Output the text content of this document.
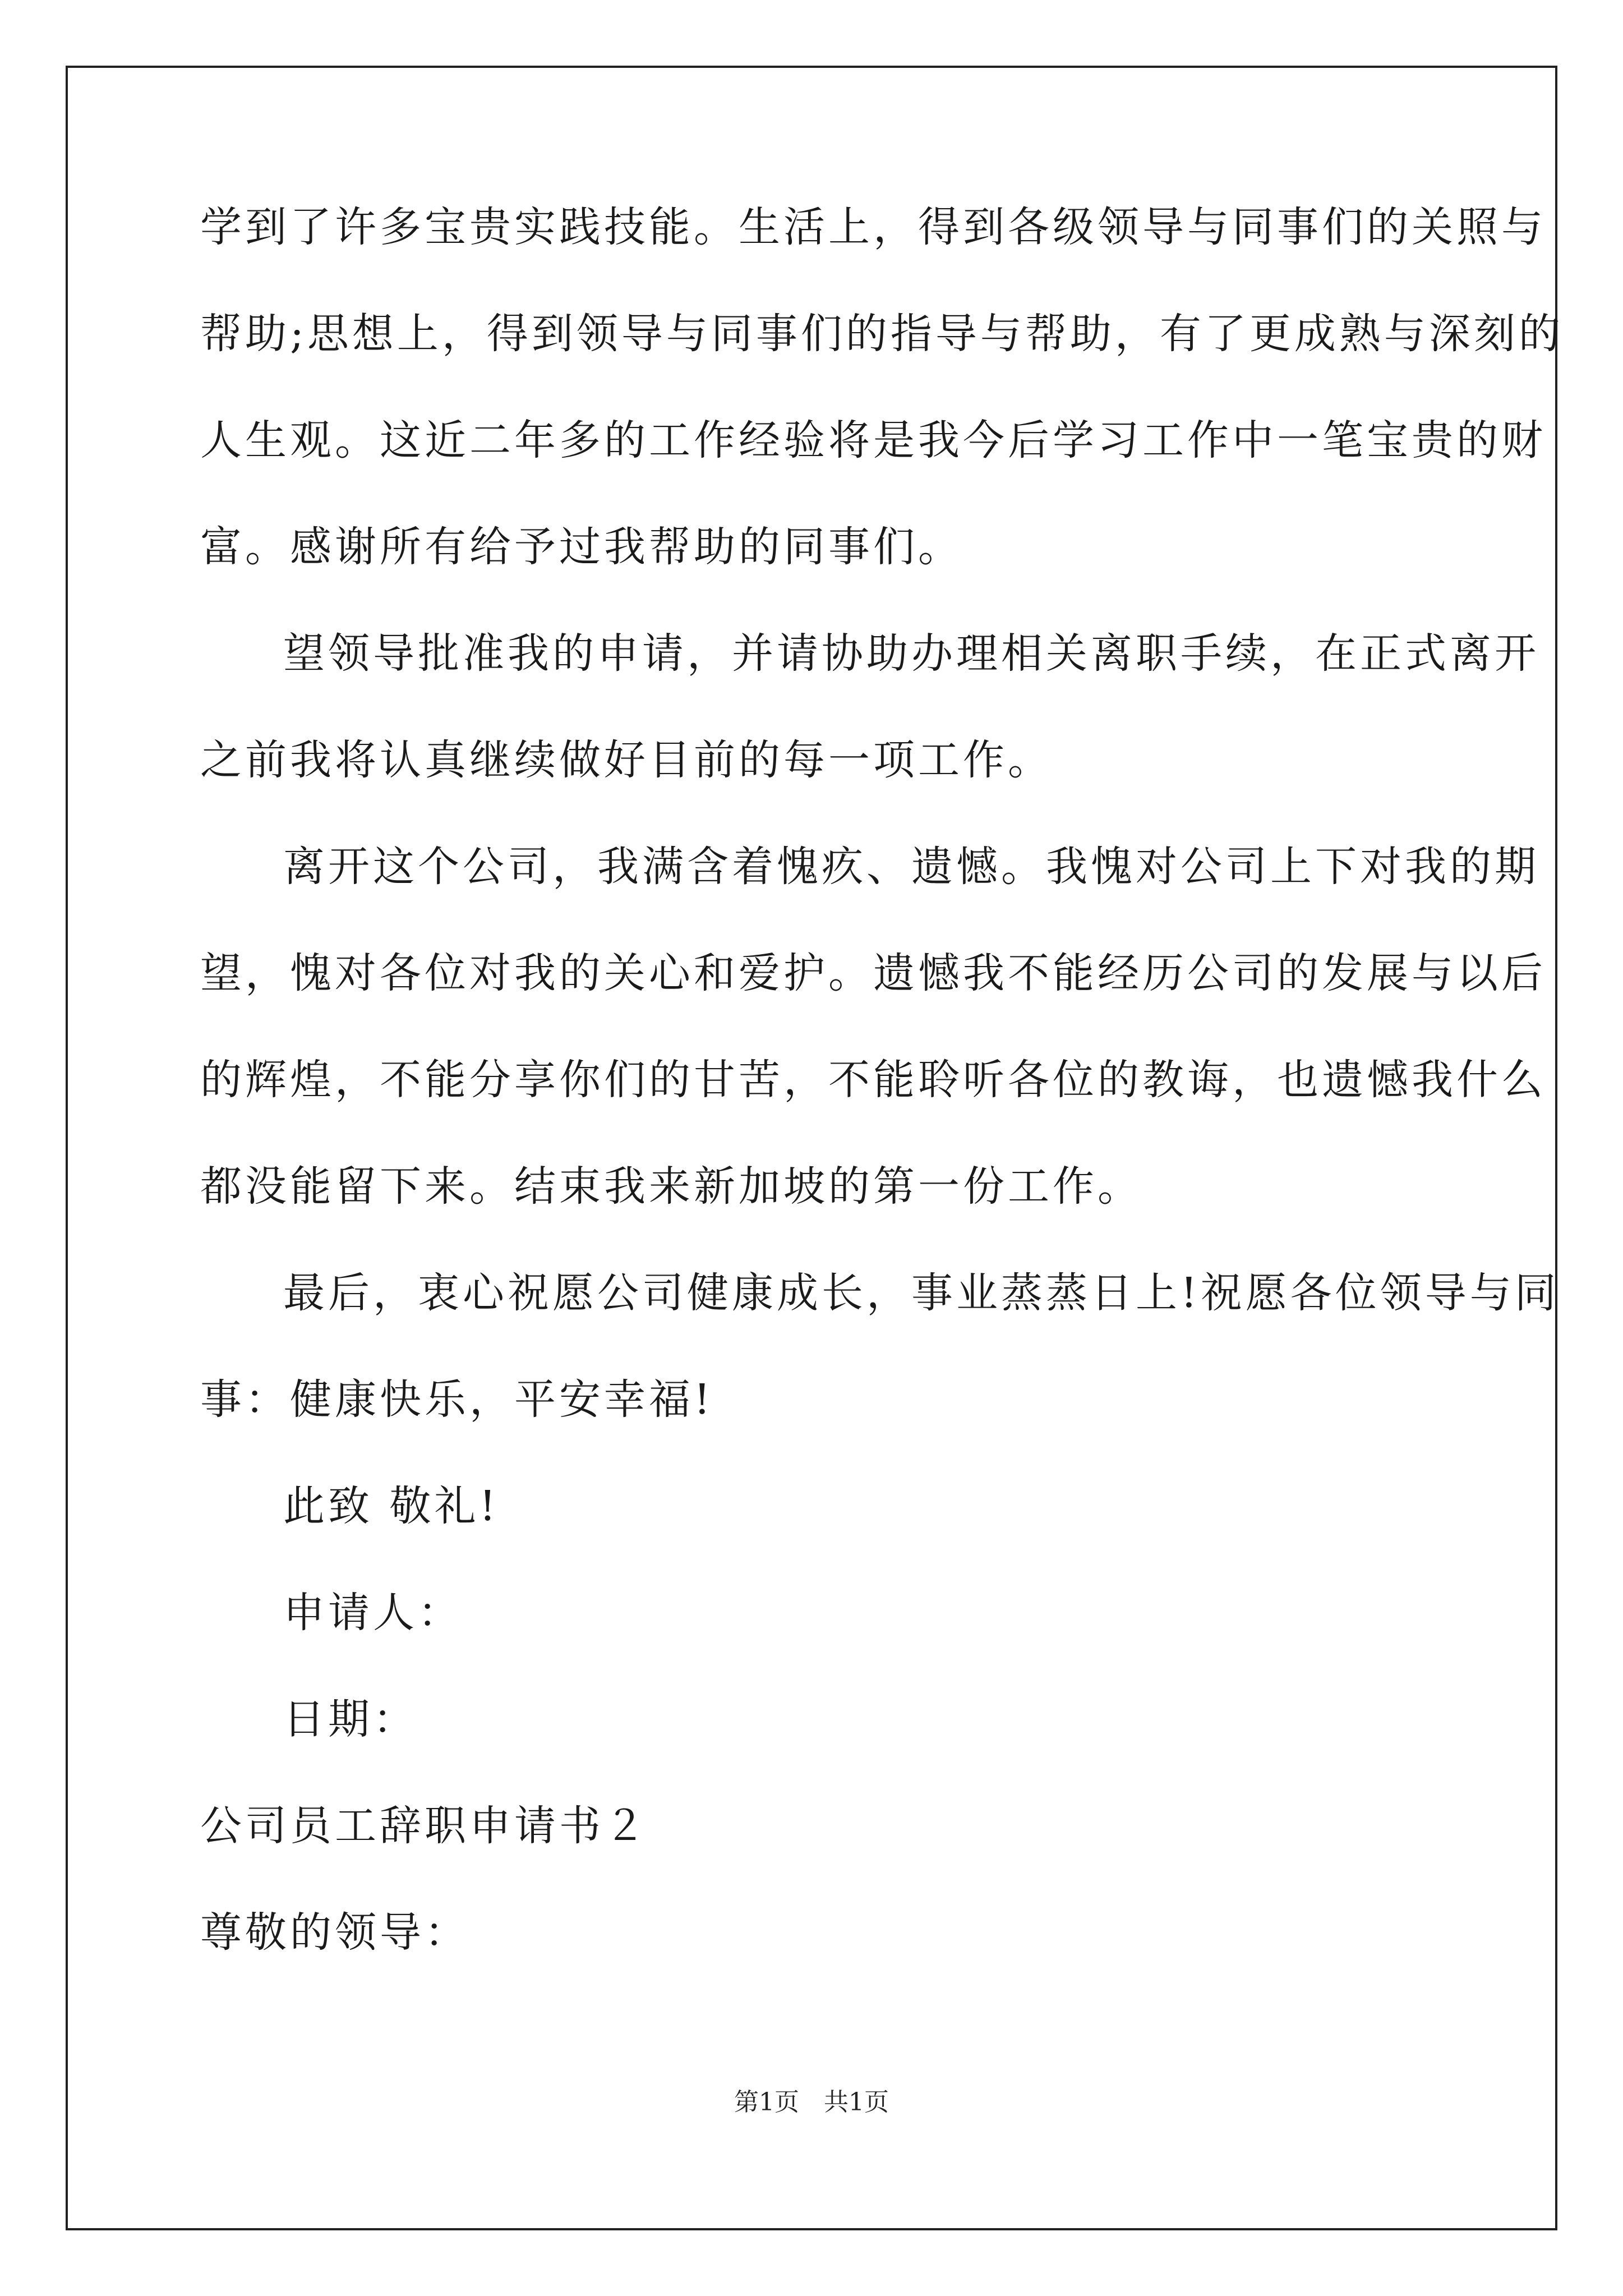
学到了许多宝贵实践技能。生活上，得到各级领导与同事们的关照与
帮助;思想上，得到领导与同事们的指导与帮助，有了更成熟与深刻的
人生观。这近二年多的工作经验将是我今后学习工作中一笔宝贵的财
富。感谢所有给予过我帮助的同事们。
望领导批准我的申请，并请协助办理相关离职手续，在正式离开
之前我将认真继续做好目前的每一项工作。
离开这个公司，我满含着愧疚、遗憾。我愧对公司上下对我的期
望，愧对各位对我的关心和爱护。遗憾我不能经历公司的发展与以后
的辉煌，不能分享你们的甘苦，不能聆听各位的教诲，也遗憾我什么
都没能留下来。结束我来新加坡的第一份工作。
最后，衷心祝愿公司健康成长，事业蒸蒸日上!祝愿各位领导与同
事：健康快乐，平安幸福!
此致 敬礼!
申请人：
日期：
公司员工辞职申请书２
尊敬的领导：
第1页　共1页
